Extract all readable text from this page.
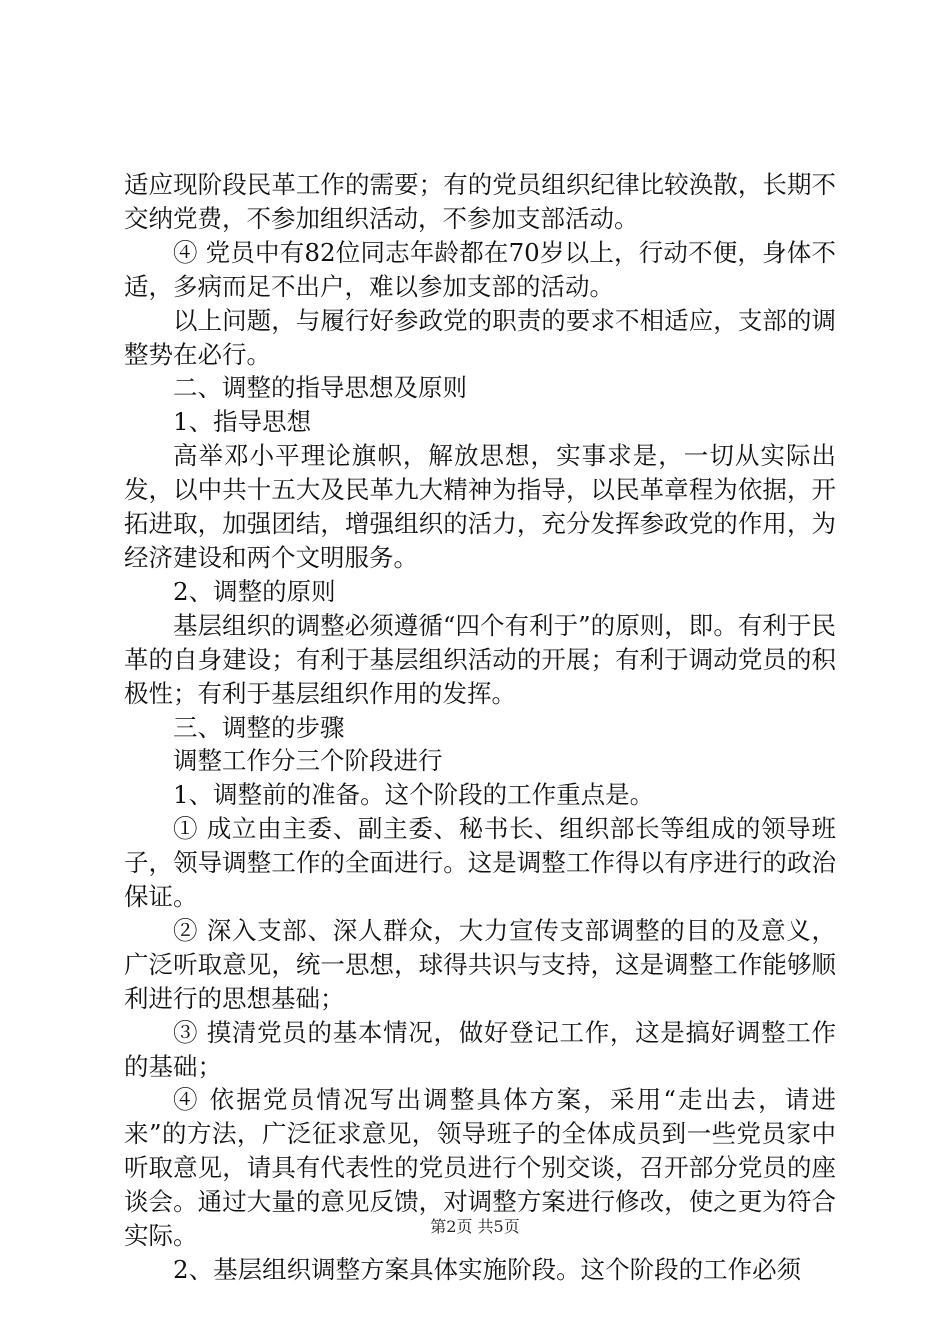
适应现阶段民革工作的需要；有的党员组织纪律比较涣散，长期不交纳党费，不参加组织活动，不参加支部活动。

④ 党员中有82位同志年龄都在70岁以上，行动不便，身体不适，多病而足不出户，难以参加支部的活动。

以上问题，与履行好参政党的职责的要求不相适应，支部的调整势在必行。

二、调整的指导思想及原则

1、指导思想

高举邓小平理论旗帜，解放思想，实事求是，一切从实际出发，以中共十五大及民革九大精神为指导，以民革章程为依据，开拓进取，加强团结，增强组织的活力，充分发挥参政党的作用，为经济建设和两个文明服务。

2、调整的原则

基层组织的调整必须遵循“四个有利于”的原则，即。有利于民革的自身建设；有利于基层组织活动的开展；有利于调动党员的积极性；有利于基层组织作用的发挥。

三、调整的步骤

调整工作分三个阶段进行

1、调整前的准备。这个阶段的工作重点是。

① 成立由主委、副主委、秘书长、组织部长等组成的领导班子，领导调整工作的全面进行。这是调整工作得以有序进行的政治保证。

② 深入支部、深人群众，大力宣传支部调整的目的及意义，广泛听取意见，统一思想，球得共识与支持，这是调整工作能够顺利进行的思想基础；

③ 摸清党员的基本情况，做好登记工作，这是搞好调整工作的基础；

④ 依据党员情况写出调整具体方案，采用“走出去，请进来”的方法，广泛征求意见，领导班子的全体成员到一些党员家中听取意见，请具有代表性的党员进行个别交谈，召开部分党员的座谈会。通过大量的意见反馈，对调整方案进行修改，使之更为符合实际。

2、基层组织调整方案具体实施阶段。这个阶段的工作必须

第2页 共5页
